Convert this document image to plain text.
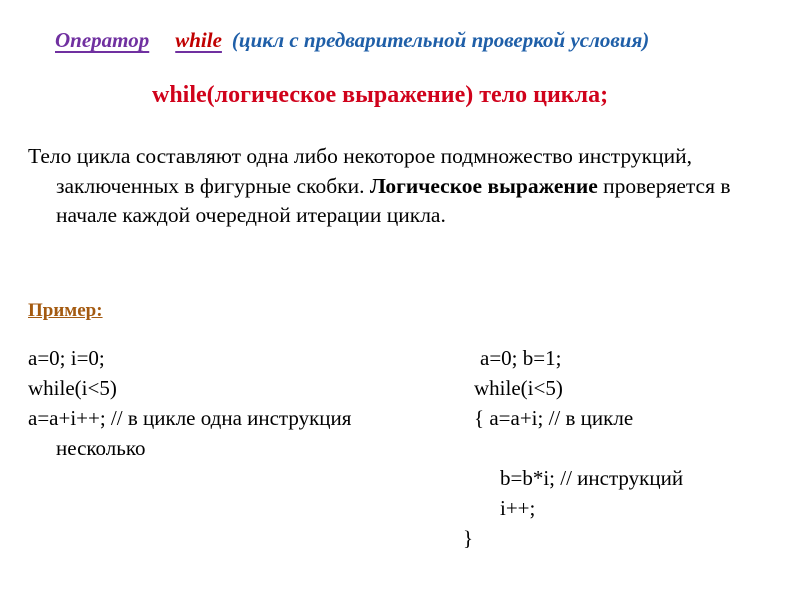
Оператор while (цикл с предварительной проверкой условия)
while(логическое выражение) тело цикла;
Тело цикла составляют одна либо некоторое подмножество инструкций, заключенных в фигурные скобки. Логическое выражение проверяется в начале каждой очередной итерации цикла.
Пример:
a=0; i=0;
while(i<5)
a=a+i++; // в цикле одна инструкция
несколько
a=0; b=1;
while(i<5)
{ a=a+i; // в цикле
b=b*i; // инструкций
i++;
}
